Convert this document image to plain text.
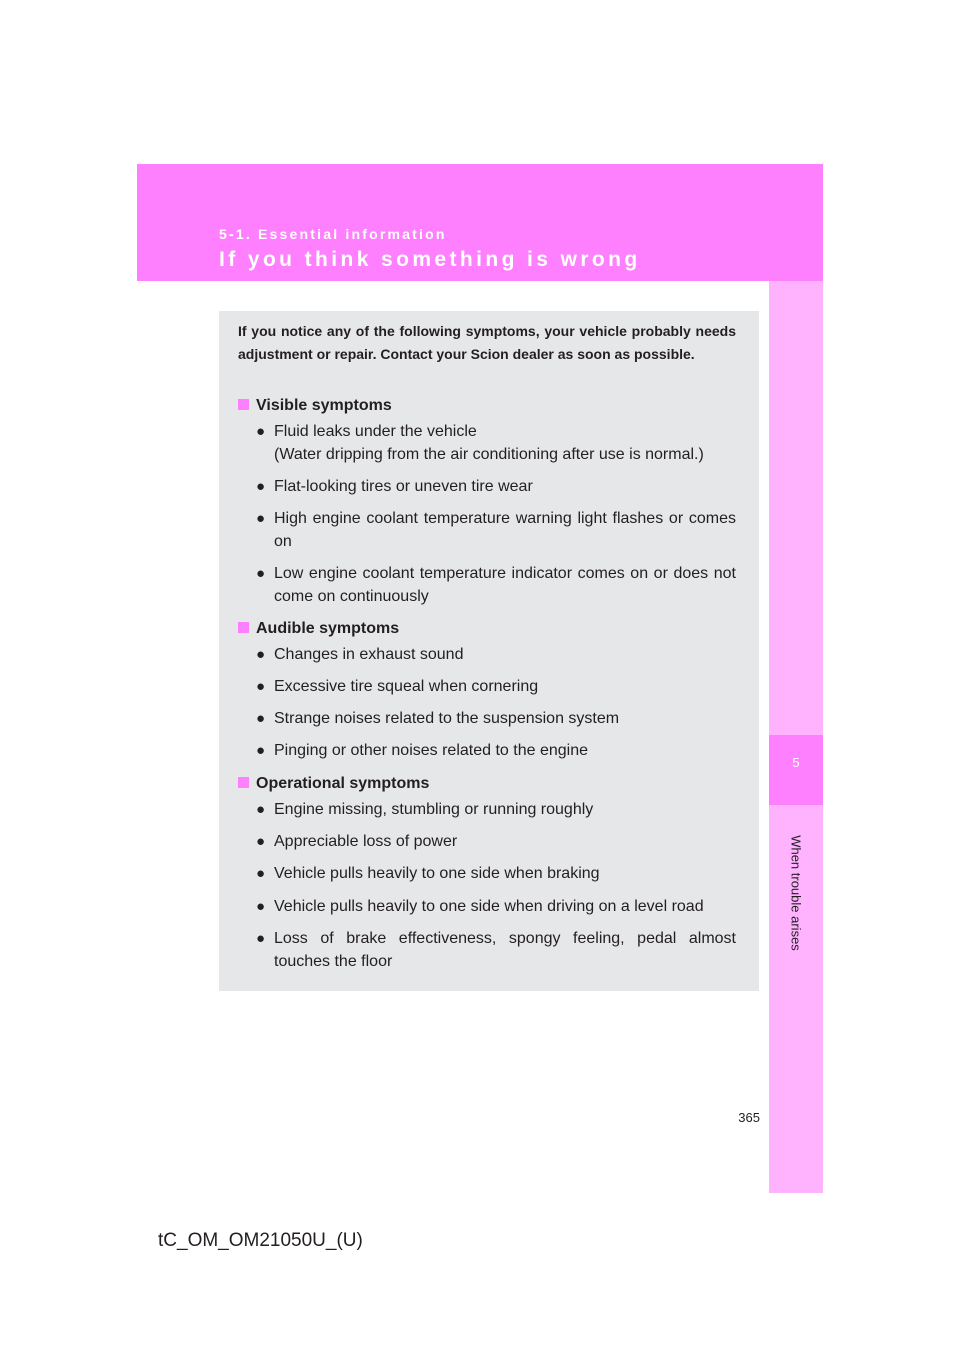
5-1. Essential information
If you think something is wrong
5
When trouble arises
If you notice any of the following symptoms, your vehicle probably needs adjustment or repair. Contact your Scion dealer as soon as possible.
Visible symptoms
● Fluid leaks under the vehicle
(Water dripping from the air conditioning after use is normal.)
● Flat-looking tires or uneven tire wear
● High engine coolant temperature warning light flashes or comes on
● Low engine coolant temperature indicator comes on or does not come on continuously
Audible symptoms
● Changes in exhaust sound
● Excessive tire squeal when cornering
● Strange noises related to the suspension system
● Pinging or other noises related to the engine
Operational symptoms
● Engine missing, stumbling or running roughly
● Appreciable loss of power
● Vehicle pulls heavily to one side when braking
● Vehicle pulls heavily to one side when driving on a level road
● Loss of brake effectiveness, spongy feeling, pedal almost touches the floor
365
tC_OM_OM21050U_(U)
